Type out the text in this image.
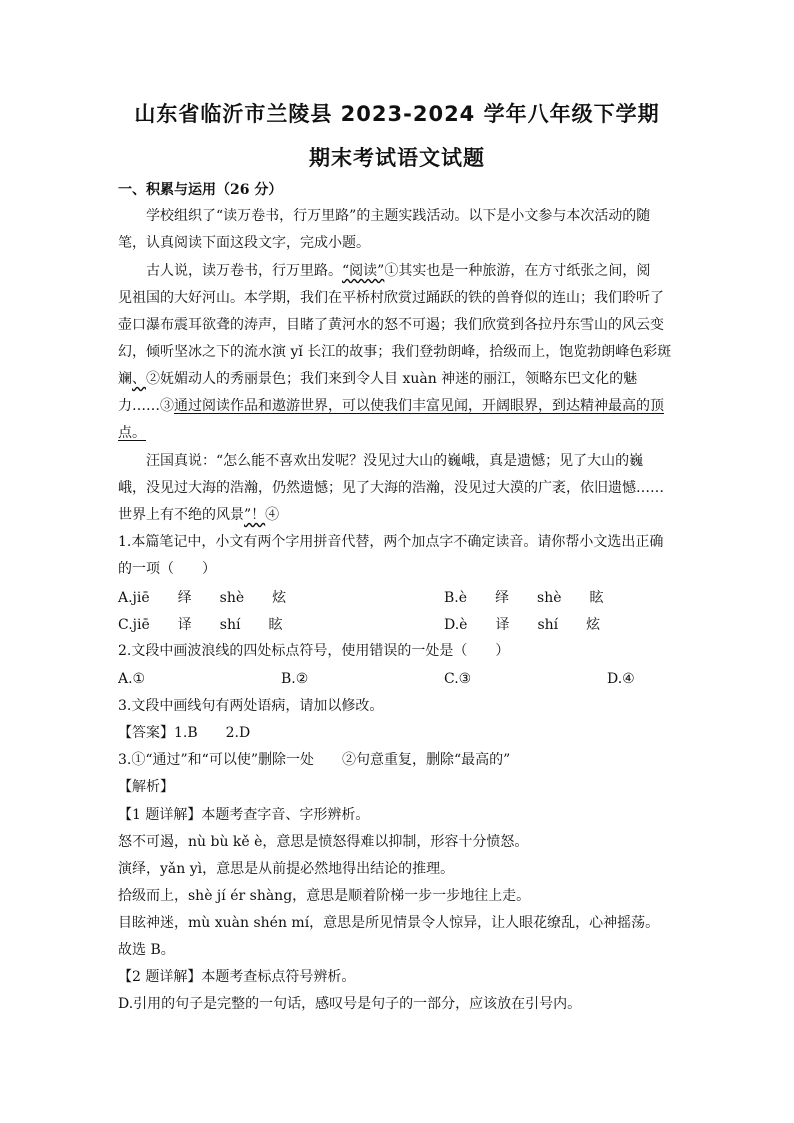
山东省临沂市兰陵县 2023-2024 学年八年级下学期
期末考试语文试题
一、积累与运用（26 分）
学校组织了“读万卷书，行万里路”的主题实践活动。以下是小文参与本次活动的随
笔，认真阅读下面这段文字，完成小题。
古人说，读万卷书，行万里路。“阅读”①其实也是一种旅游，在方寸纸张之间，阅
见祖国的大好河山。本学期，我们在平桥村欣赏过踊跃的铁的兽脊似的连山；我们聆听了
壶口瀑布震耳欲聋的涛声，目睹了黄河水的怒不可遏；我们欣赏到各拉丹东雪山的风云变
幻，倾听坚冰之下的流水演 yǐ 长江的故事；我们登勃朗峰，拾级而上，饱览勃朗峰色彩斑
斓、②妩媚动人的秀丽景色；我们来到令人目 xuàn 神迷的丽江，领略东巴文化的魅
力……③通过阅读作品和遨游世界，可以使我们丰富见闻，开阔眼界，到达精神最高的顶
点。
汪国真说：“怎么能不喜欢出发呢？没见过大山的巍峨，真是遗憾；见了大山的巍
峨，没见过大海的浩瀚，仍然遗憾；见了大海的浩瀚，没见过大漠的广袤，依旧遗憾……
世界上有不绝的风景”！④
1.本篇笔记中，小文有两个字用拼音代替，两个加点字不确定读音。请你帮小文选出正确
的一项（　　）
A.jiē　　绎　　shè　　炫	B.è　　绎　　shè　　眩
C.jiē　　译　　shí　　眩	D.è　　译　　shí　　炫
2.文段中画波浪线的四处标点符号，使用错误的一处是（　　）
A.①	B.②	C.③	D.④
3.文段中画线句有两处语病，请加以修改。
【答案】1.B　　2.D
3.①“通过”和“可以使”删除一处　　②句意重复，删除“最高的”
【解析】
【1 题详解】本题考查字音、字形辨析。
怒不可遏，nù bù kě è，意思是愤怒得难以抑制，形容十分愤怒。
演绎，yǎn yì，意思是从前提必然地得出结论的推理。
拾级而上，shè jí ér shàng，意思是顺着阶梯一步一步地往上走。
目眩神迷，mù xuàn shén mí，意思是所见情景令人惊异，让人眼花缭乱，心神摇荡。
故选 B。
【2 题详解】本题考查标点符号辨析。
D.引用的句子是完整的一句话，感叹号是句子的一部分，应该放在引号内。
